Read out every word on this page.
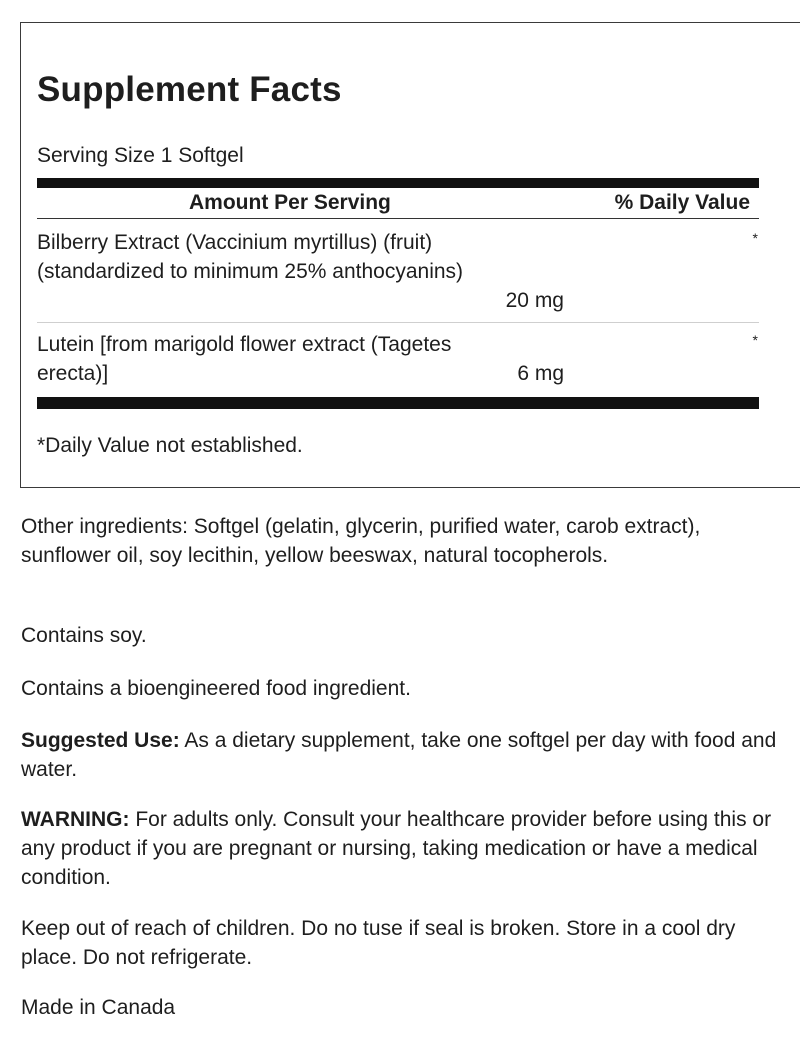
Supplement Facts
Serving Size 1 Softgel
Amount Per Serving	% Daily Value
Bilberry Extract (Vaccinium myrtillus) (fruit)
(standardized to minimum 25% anthocyanins)
20 mg
*
Lutein [from marigold flower extract (Tagetes
erecta)]	6 mg
*
*Daily Value not established.

Other ingredients: Softgel (gelatin, glycerin, purified water, carob extract), sunflower oil, soy lecithin, yellow beeswax, natural tocopherols.

Contains soy.

Contains a bioengineered food ingredient.

Suggested Use: As a dietary supplement, take one softgel per day with food and water.

WARNING: For adults only. Consult your healthcare provider before using this or any product if you are pregnant or nursing, taking medication or have a medical condition.

Keep out of reach of children. Do no tuse if seal is broken. Store in a cool dry place. Do not refrigerate.

Made in Canada
